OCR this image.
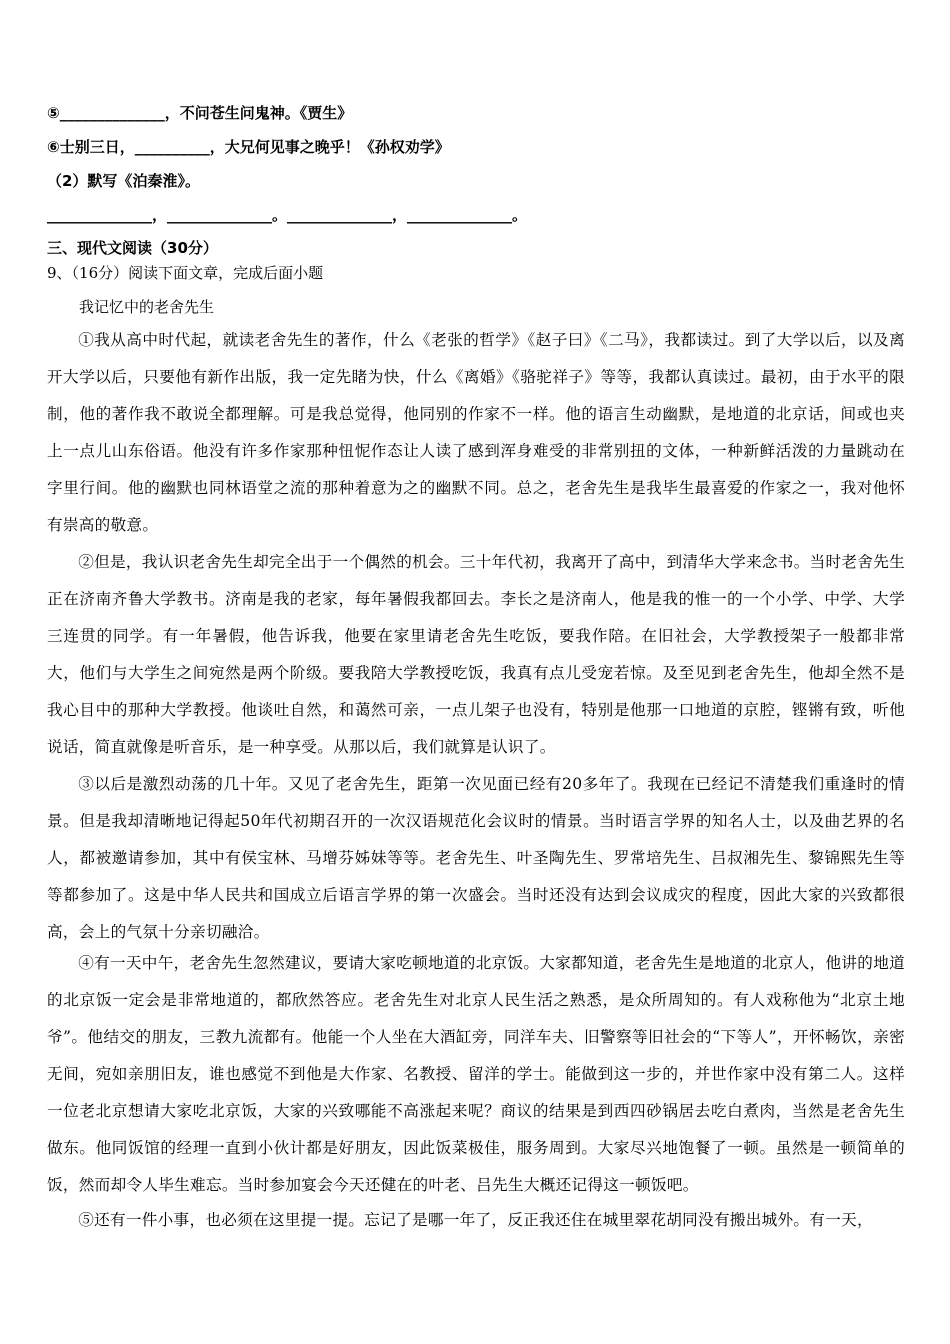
⑤______________，不问苍生问鬼神。《贾生》
⑥士别三日，__________，大兄何见事之晚乎！《孙权劝学》
（2）默写《泊秦淮》。
______________，______________。______________，______________。
三、现代文阅读（30分）
9、（16分）阅读下面文章，完成后面小题
我记忆中的老舍先生
①我从高中时代起，就读老舍先生的著作，什么《老张的哲学》《赵子曰》《二马》，我都读过。到了大学以后，以及离开大学以后，只要他有新作出版，我一定先睹为快，什么《离婚》《骆驼祥子》等等，我都认真读过。最初，由于水平的限制，他的著作我不敢说全都理解。可是我总觉得，他同别的作家不一样。他的语言生动幽默，是地道的北京话，间或也夹上一点儿山东俗语。他没有许多作家那种忸怩作态让人读了感到浑身难受的非常别扭的文体，一种新鲜活泼的力量跳动在字里行间。他的幽默也同林语堂之流的那种着意为之的幽默不同。总之，老舍先生是我毕生最喜爱的作家之一，我对他怀有崇高的敬意。
②但是，我认识老舍先生却完全出于一个偶然的机会。三十年代初，我离开了高中，到清华大学来念书。当时老舍先生正在济南齐鲁大学教书。济南是我的老家，每年暑假我都回去。李长之是济南人，他是我的惟一的一个小学、中学、大学三连贯的同学。有一年暑假，他告诉我，他要在家里请老舍先生吃饭，要我作陪。在旧社会，大学教授架子一般都非常大，他们与大学生之间宛然是两个阶级。要我陪大学教授吃饭，我真有点儿受宠若惊。及至见到老舍先生，他却全然不是我心目中的那种大学教授。他谈吐自然，和蔼然可亲，一点儿架子也没有，特别是他那一口地道的京腔，铿锵有致，听他说话，简直就像是听音乐，是一种享受。从那以后，我们就算是认识了。
③以后是激烈动荡的几十年。又见了老舍先生，距第一次见面已经有20多年了。我现在已经记不清楚我们重逢时的情景。但是我却清晰地记得起50年代初期召开的一次汉语规范化会议时的情景。当时语言学界的知名人士，以及曲艺界的名人，都被邀请参加，其中有侯宝林、马增芬姊妹等等。老舍先生、叶圣陶先生、罗常培先生、吕叔湘先生、黎锦熙先生等等都参加了。这是中华人民共和国成立后语言学界的第一次盛会。当时还没有达到会议成灾的程度，因此大家的兴致都很高，会上的气氛十分亲切融洽。
④有一天中午，老舍先生忽然建议，要请大家吃顿地道的北京饭。大家都知道，老舍先生是地道的北京人，他讲的地道的北京饭一定会是非常地道的，都欣然答应。老舍先生对北京人民生活之熟悉，是众所周知的。有人戏称他为“北京土地爷”。他结交的朋友，三教九流都有。他能一个人坐在大酒缸旁，同洋车夫、旧警察等旧社会的“下等人”，开怀畅饮，亲密无间，宛如亲朋旧友，谁也感觉不到他是大作家、名教授、留洋的学士。能做到这一步的，并世作家中没有第二人。这样一位老北京想请大家吃北京饭，大家的兴致哪能不高涨起来呢？商议的结果是到西四砂锅居去吃白煮肉，当然是老舍先生做东。他同饭馆的经理一直到小伙计都是好朋友，因此饭菜极佳，服务周到。大家尽兴地饱餐了一顿。虽然是一顿简单的饭，然而却令人毕生难忘。当时参加宴会今天还健在的叶老、吕先生大概还记得这一顿饭吧。
⑤还有一件小事，也必须在这里提一提。忘记了是哪一年了，反正我还住在城里翠花胡同没有搬出城外。有一天，
